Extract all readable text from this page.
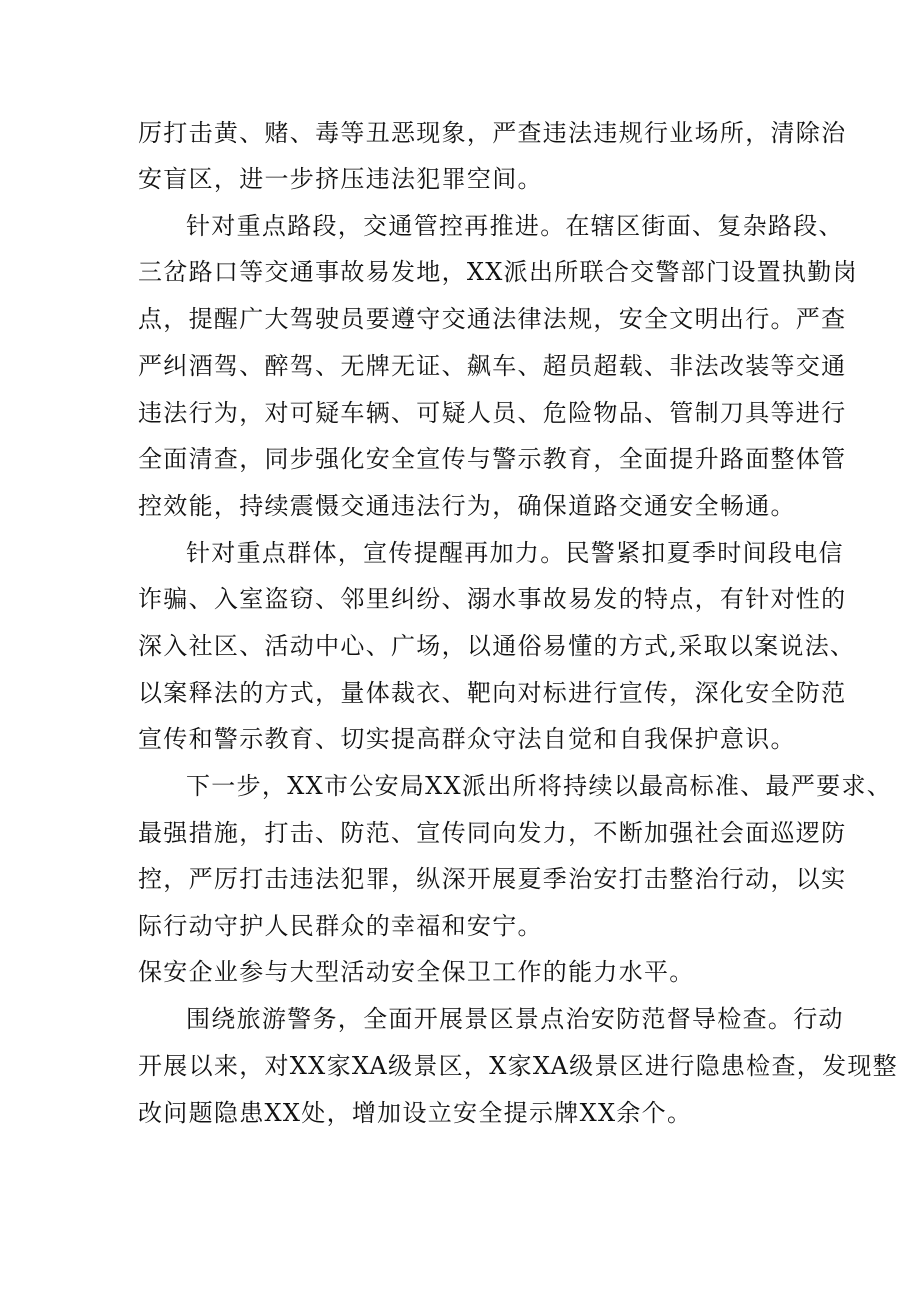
厉打击黄、赌、毒等丑恶现象，严查违法违规行业场所，清除治
安盲区，进一步挤压违法犯罪空间。
针对重点路段，交通管控再推进。在辖区街面、复杂路段、
三岔路口等交通事故易发地，XX派出所联合交警部门设置执勤岗
点，提醒广大驾驶员要遵守交通法律法规，安全文明出行。严查
严纠酒驾、醉驾、无牌无证、飙车、超员超载、非法改装等交通
违法行为，对可疑车辆、可疑人员、危险物品、管制刀具等进行
全面清查，同步强化安全宣传与警示教育，全面提升路面整体管
控效能，持续震慑交通违法行为，确保道路交通安全畅通。
针对重点群体，宣传提醒再加力。民警紧扣夏季时间段电信
诈骗、入室盗窃、邻里纠纷、溺水事故易发的特点，有针对性的
深入社区、活动中心、广场，以通俗易懂的方式,采取以案说法、
以案释法的方式，量体裁衣、靶向对标进行宣传，深化安全防范
宣传和警示教育、切实提高群众守法自觉和自我保护意识。
下一步，XX市公安局XX派出所将持续以最高标准、最严要求、
最强措施，打击、防范、宣传同向发力，不断加强社会面巡逻防
控，严厉打击违法犯罪，纵深开展夏季治安打击整治行动，以实
际行动守护人民群众的幸福和安宁。
保安企业参与大型活动安全保卫工作的能力水平。
围绕旅游警务，全面开展景区景点治安防范督导检查。行动
开展以来，对XX家XA级景区，X家XA级景区进行隐患检查，发现整
改问题隐患XX处，增加设立安全提示牌XX余个。
